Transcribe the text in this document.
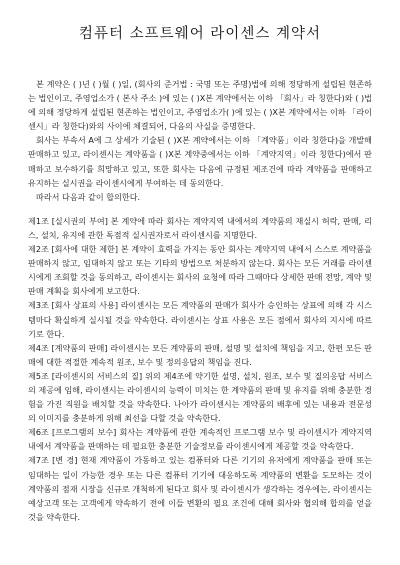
컴퓨터 소프트웨어 라이센스 계약서

본 계약은 ( )년 ( )월 ( )일, (회사의 준거법 : 국명 또는 주명)법에 의해 정당하게 설립된 현존하는 법인이고, 주영업소가 ( 본사 주소 )에 있는 ( )X본 계약에서는 이하 「회사」라 칭한다)와 ( )법에 의해 정당하게 설립된 현존하는 법인이고, 주영업소가( )에 있는 ( )X본 계약에서는 이하 「라이센시」라 칭한다)와의 사이에 체결되어, 다음의 사실을 증명한다.

회사는 부속서 A에 그 상세가 기술된 ( )X본 계약에서는 이하 「계약품」이라 칭한다)을 개발해 판매하고 있고, 라이센시는 계약품을 ( )X본 계약중에서는 이하 「계약지역」이라 칭한다)에서 판매하고 보수하기를 희망하고 있고, 또한 회사는 다음에 규정된 제조건에 따라 계약품을 판매하고 유지하는 실시권을 라이센시에게 부여하는 데 동의한다.

따라서 다음과 같이 합의한다.

제1조 [실시권의 부여] 본 계약에 따라 회사는 계약지역 내에서의 계약품의 재실시 허락, 판매, 리스, 설치, 유지에 관한 독점적 실시권자로서 라이센시를 지명한다.

제2조 [회사에 대한 제한] 본 계약이 효력을 가지는 동안 회사는 계약지역 내에서 스스로 계약품을 판매하지 않고, 임대하지 않고 또는 기타의 방법으로 처분하지 않는다. 회사는 모든 거래를 라이센시에게 조회할 것을 동의하고, 라이센시는 회사의 요청에 따라 그때마다 상세한 판매 전망, 계약 및 판매 계획을 회사에게 보고한다.

제3조 [회사 상표의 사용] 라이센시는 모든 계약품의 판매가 회사가 승인하는 상표에 의해 각 시스템마다 확실하게 실시될 것을 약속한다. 라이센시는 상표 사용은 모든 점에서 회사의 지시에 따르기로 한다.

제4조 [계약품의 판매] 라이센시는 모든 계약품의 판매, 설명 및 설치에 책임을 지고, 한편 모든 판매에 대한 적절한 계속적 원조, 보수 및 정의응답의 책임을 진다.

제5조 [라이센시의 서비스의 질] 위의 제4조에 약기한 설명, 설치, 원조, 보수 및 질의응답 서비스의 제공에 임해, 라이센시는 라이센시의 능력이 미치는 한 계약품의 판매 및 유지를 위해 충분한 경험을 가진 직원을 배치할 것을 약속한다. 나아가 라이센시는 계약품의 배후에 있는 내용과 전문성의 이미지를 충분하게 위해 최선을 다할 것을 약속한다.

제6조 [프로그램의 보수] 회사는 계약품에 관한 계속적인 프로그램 보수 및 라이센시가 계약지역 내에서 계약품을 판매하는 데 필요한 충분한 기술정보를 라이센시에게 제공할 것을 약속한다.

제7조 [변 경] 현재 계약품이 가동하고 있는 컴퓨터와 다른 기기의 유저에게 계약품을 판매 또는 임대하는 일이 가능한 경우 또는 다른 컴퓨터 기기에 대응하도록 계약품의 변환을 도모하는 것이 계약품의 점재 시장을 신규로 개척하게 된다고 회사 및 라이센시가 생각하는 경우에는, 라이센시는 예상고객 또는 고객에게 약속하기 전에 이들 변환의 필요 조건에 대해 회사와 협의해 합의를 얻을 것을 약속한다.
